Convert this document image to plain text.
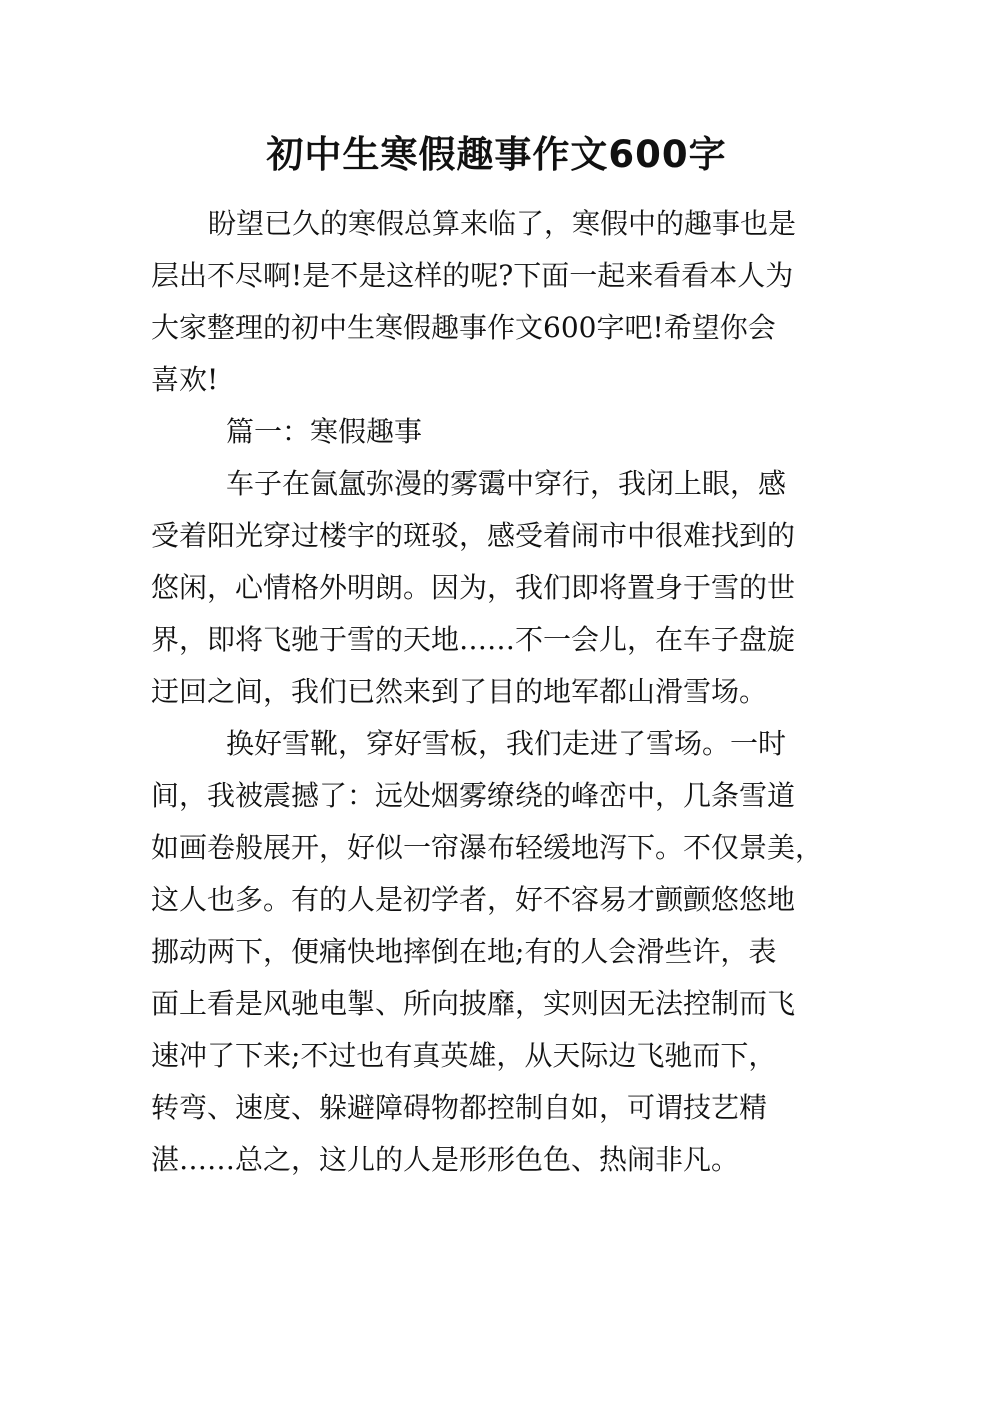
初中生寒假趣事作文600字

盼望已久的寒假总算来临了，寒假中的趣事也是

层出不尽啊!是不是这样的呢?下面一起来看看本人为

大家整理的初中生寒假趣事作文600字吧!希望你会

喜欢!

篇一：寒假趣事

车子在氤氲弥漫的雾霭中穿行，我闭上眼，感

受着阳光穿过楼宇的斑驳，感受着闹市中很难找到的

悠闲，心情格外明朗。因为，我们即将置身于雪的世

界，即将飞驰于雪的天地……不一会儿，在车子盘旋

迂回之间，我们已然来到了目的地军都山滑雪场。

换好雪靴，穿好雪板，我们走进了雪场。一时

间，我被震撼了：远处烟雾缭绕的峰峦中，几条雪道

如画卷般展开，好似一帘瀑布轻缓地泻下。不仅景美，

这人也多。有的人是初学者，好不容易才颤颤悠悠地

挪动两下，便痛快地摔倒在地;有的人会滑些许，表

面上看是风驰电掣、所向披靡，实则因无法控制而飞

速冲了下来;不过也有真英雄，从天际边飞驰而下，

转弯、速度、躲避障碍物都控制自如，可谓技艺精

湛……总之，这儿的人是形形色色、热闹非凡。
